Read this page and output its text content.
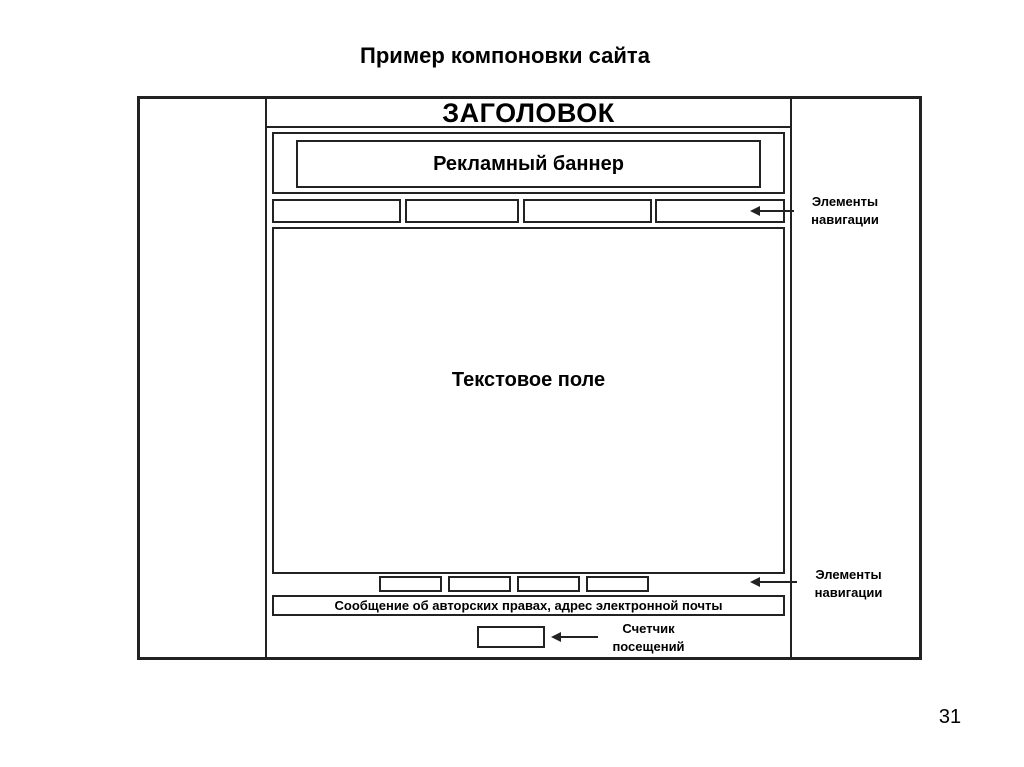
Пример компоновки сайта
ЗАГОЛОВОК
Рекламный баннер
Текстовое поле
Сообщение об авторских правах, адрес электронной почты
Элементы
навигации
Элементы
навигации
Счетчик
посещений
31
